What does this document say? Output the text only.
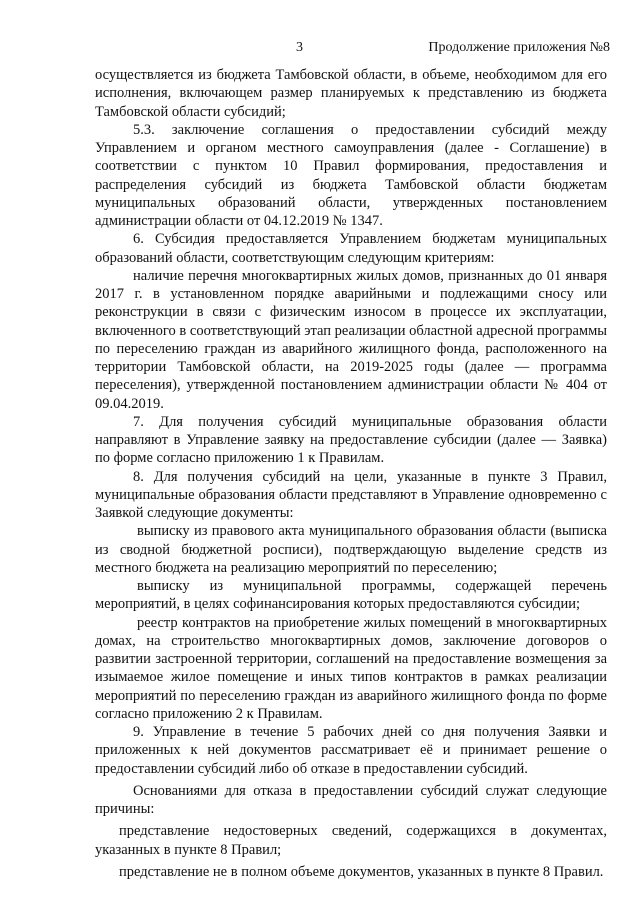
3	Продолжение приложения №8

осуществляется из бюджета Тамбовской области, в объеме, необходимом для его исполнения, включающем размер планируемых к представлению из бюджета Тамбовской области субсидий;

5.3. заключение соглашения о предоставлении субсидий между Управлением и органом местного самоуправления (далее - Соглашение) в соответствии с пунктом 10 Правил формирования, предоставления и распределения субсидий из бюджета Тамбовской области бюджетам муниципальных образований области, утвержденных постановлением администрации области от 04.12.2019 № 1347.

6. Субсидия предоставляется Управлением бюджетам муниципальных образований области, соответствующим следующим критериям:

наличие перечня многоквартирных жилых домов, признанных до 01 января 2017 г. в установленном порядке аварийными и подлежащими сносу или реконструкции в связи с физическим износом в процессе их эксплуатации, включенного в соответствующий этап реализации областной адресной программы по переселению граждан из аварийного жилищного фонда, расположенного на территории Тамбовской области, на 2019-2025 годы (далее — программа переселения), утвержденной постановлением администрации области № 404 от 09.04.2019.

7. Для получения субсидий муниципальные образования области направляют в Управление заявку на предоставление субсидии (далее — Заявка) по форме согласно приложению 1 к Правилам.

8. Для получения субсидий на цели, указанные в пункте 3 Правил, муниципальные образования области представляют в Управление одновременно с Заявкой следующие документы:

выписку из правового акта муниципального образования области (выписка из сводной бюджетной росписи), подтверждающую выделение средств из местного бюджета на реализацию мероприятий по переселению;

выписку из муниципальной программы, содержащей перечень мероприятий, в целях софинансирования которых предоставляются субсидии;

реестр контрактов на приобретение жилых помещений в многоквартирных домах, на строительство многоквартирных домов, заключение договоров о развитии застроенной территории, соглашений на предоставление возмещения за изымаемое жилое помещение и иных типов контрактов в рамках реализации мероприятий по переселению граждан из аварийного жилищного фонда по форме согласно приложению 2 к Правилам.

9. Управление в течение 5 рабочих дней со дня получения Заявки и приложенных к ней документов рассматривает её и принимает решение о предоставлении субсидий либо об отказе в предоставлении субсидий.

Основаниями для отказа в предоставлении субсидий служат следующие причины:

представление недостоверных сведений, содержащихся в документах, указанных в пункте 8 Правил;

представление не в полном объеме документов, указанных в пункте 8 Правил.
